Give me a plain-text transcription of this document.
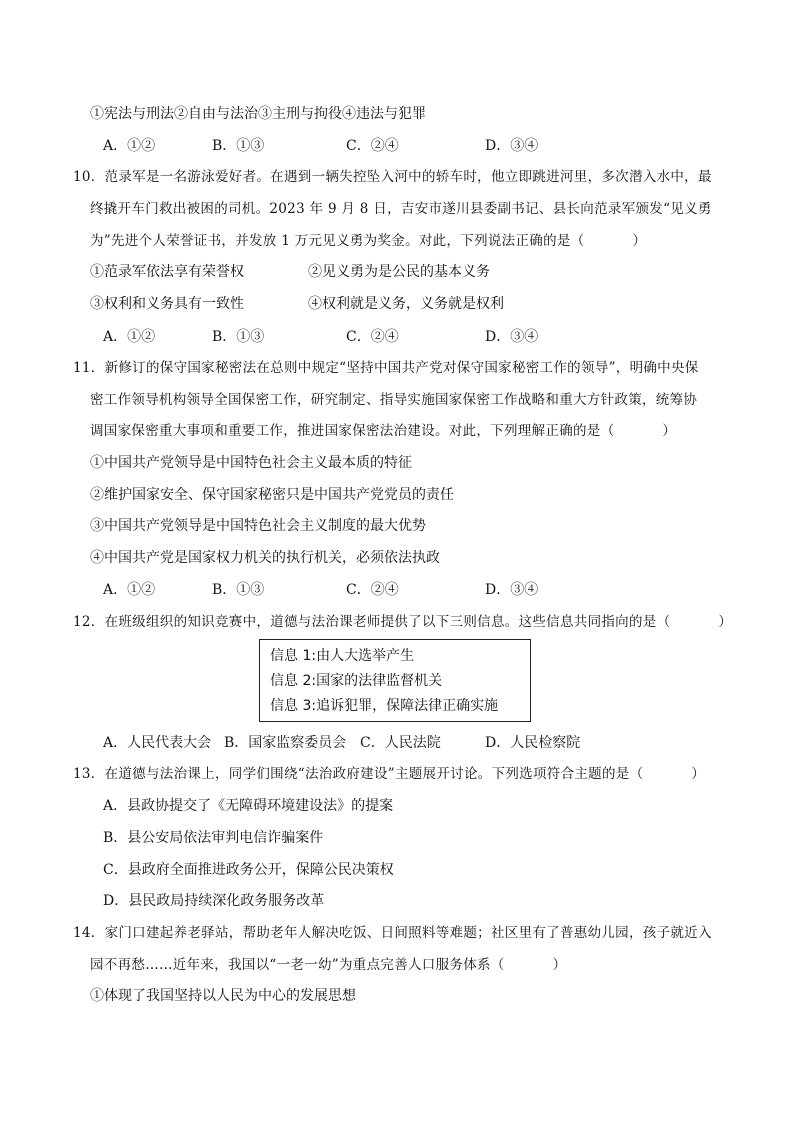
①宪法与刑法②自由与法治③主刑与拘役④违法与犯罪
A．①②	B．①③	C．②④	D．③④
10．范录军是一名游泳爱好者。在遇到一辆失控坠入河中的轿车时，他立即跳进河里，多次潜入水中，最
终撬开车门救出被困的司机。2023 年 9 月 8 日，吉安市遂川县委副书记、县长向范录军颁发“见义勇
为”先进个人荣誉证书，并发放 1 万元见义勇为奖金。对此，下列说法正确的是（	）
①范录军依法享有荣誉权	②见义勇为是公民的基本义务
③权利和义务具有一致性	④权利就是义务，义务就是权利
A．①②	B．①③	C．②④	D．③④
11．新修订的保守国家秘密法在总则中规定“坚持中国共产党对保守国家秘密工作的领导”，明确中央保
密工作领导机构领导全国保密工作，研究制定、指导实施国家保密工作战略和重大方针政策，统筹协
调国家保密重大事项和重要工作，推进国家保密法治建设。对此，下列理解正确的是（	）
①中国共产党领导是中国特色社会主义最本质的特征
②维护国家安全、保守国家秘密只是中国共产党党员的责任
③中国共产党领导是中国特色社会主义制度的最大优势
④中国共产党是国家权力机关的执行机关，必须依法执政
A．①②	B．①③	C．②④	D．③④
12．在班级组织的知识竞赛中，道德与法治课老师提供了以下三则信息。这些信息共同指向的是（	）
信息 1:由人大选举产生
信息 2:国家的法律监督机关
信息 3:追诉犯罪，保障法律正确实施
A．人民代表大会 B．国家监察委员会 C．人民法院	D．人民检察院
13．在道德与法治课上，同学们围绕“法治政府建设”主题展开讨论。下列选项符合主题的是（	）
A．县政协提交了《无障碍环境建设法》的提案
B．县公安局依法审判电信诈骗案件
C．县政府全面推进政务公开，保障公民决策权
D．县民政局持续深化政务服务改革
14．家门口建起养老驿站，帮助老年人解决吃饭、日间照料等难题；社区里有了普惠幼儿园，孩子就近入
园不再愁……近年来，我国以“一老一幼”为重点完善人口服务体系（	）
①体现了我国坚持以人民为中心的发展思想
